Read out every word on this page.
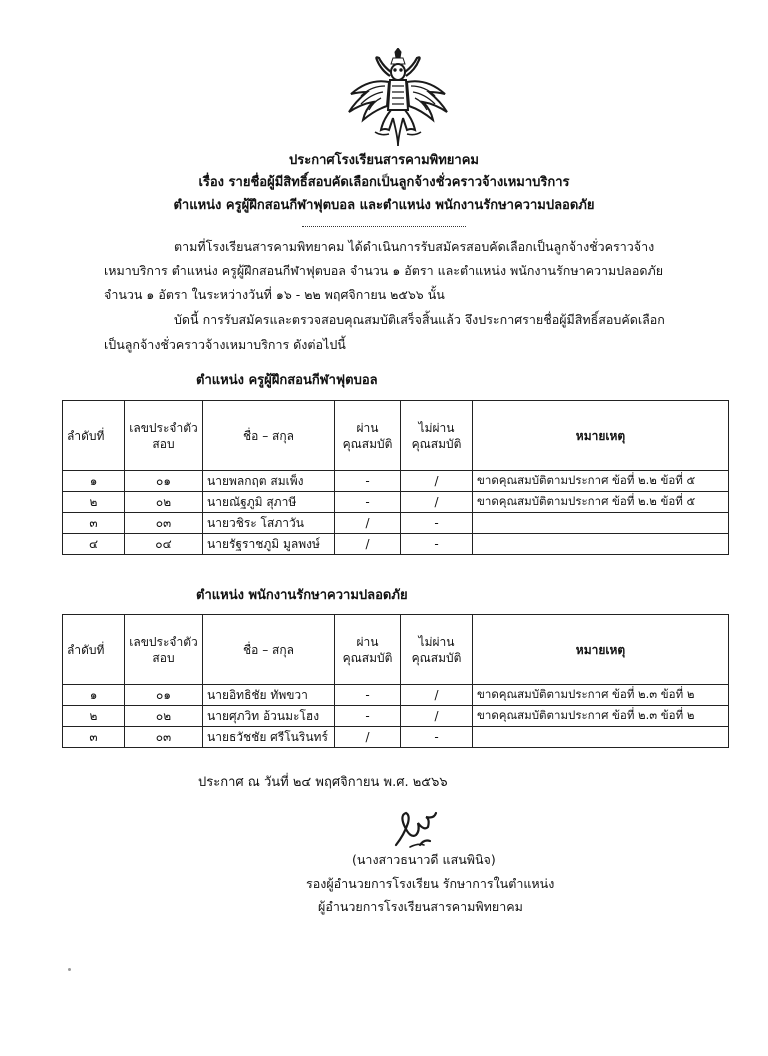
ประกาศโรงเรียนสารคามพิทยาคม
เรื่อง รายชื่อผู้มีสิทธิ์สอบคัดเลือกเป็นลูกจ้างชั่วคราวจ้างเหมาบริการ
ตำแหน่ง ครูผู้ฝึกสอนกีฬาฟุตบอล และตำแหน่ง พนักงานรักษาความปลอดภัย
ตามที่โรงเรียนสารคามพิทยาคม ได้ดำเนินการรับสมัครสอบคัดเลือกเป็นลูกจ้างชั่วคราวจ้าง
เหมาบริการ ตำแหน่ง ครูผู้ฝึกสอนกีฬาฟุตบอล จำนวน ๑ อัตรา และตำแหน่ง พนักงานรักษาความปลอดภัย
จำนวน ๑ อัตรา ในระหว่างวันที่ ๑๖ - ๒๒ พฤศจิกายน ๒๕๖๖ นั้น
บัดนี้ การรับสมัครและตรวจสอบคุณสมบัติเสร็จสิ้นแล้ว จึงประกาศรายชื่อผู้มีสิทธิ์สอบคัดเลือก
เป็นลูกจ้างชั่วคราวจ้างเหมาบริการ ดังต่อไปนี้
ตำแหน่ง ครูผู้ฝึกสอนกีฬาฟุตบอล
ลำดับที่	เลขประจำตัวสอบ	ชื่อ – สกุล	ผ่านคุณสมบัติ	ไม่ผ่านคุณสมบัติ	หมายเหตุ
๑	๐๑	นายพลกฤต สมเพ็ง	-	/	ขาดคุณสมบัติตามประกาศ ข้อที่ ๒.๒ ข้อที่ ๕
๒	๐๒	นายณัฐภูมิ สุภาษี	-	/	ขาดคุณสมบัติตามประกาศ ข้อที่ ๒.๒ ข้อที่ ๕
๓	๐๓	นายวชิระ โสภาวัน	/	-	
๔	๐๔	นายรัฐราชภูมิ มูลพงษ์	/	-	
ตำแหน่ง พนักงานรักษาความปลอดภัย
ลำดับที่	เลขประจำตัวสอบ	ชื่อ – สกุล	ผ่านคุณสมบัติ	ไม่ผ่านคุณสมบัติ	หมายเหตุ
๑	๐๑	นายอิทธิชัย ทัพขวา	-	/	ขาดคุณสมบัติตามประกาศ ข้อที่ ๒.๓ ข้อที่ ๒
๒	๐๒	นายศุภวิท อ้วนมะโฮง	-	/	ขาดคุณสมบัติตามประกาศ ข้อที่ ๒.๓ ข้อที่ ๒
๓	๐๓	นายธวัชชัย ศรีโนรินทร์	/	-	
ประกาศ ณ วันที่ ๒๔ พฤศจิกายน พ.ศ. ๒๕๖๖
(นางสาวธนาวดี แสนพินิจ)
รองผู้อำนวยการโรงเรียน รักษาการในตำแหน่ง
ผู้อำนวยการโรงเรียนสารคามพิทยาคม
